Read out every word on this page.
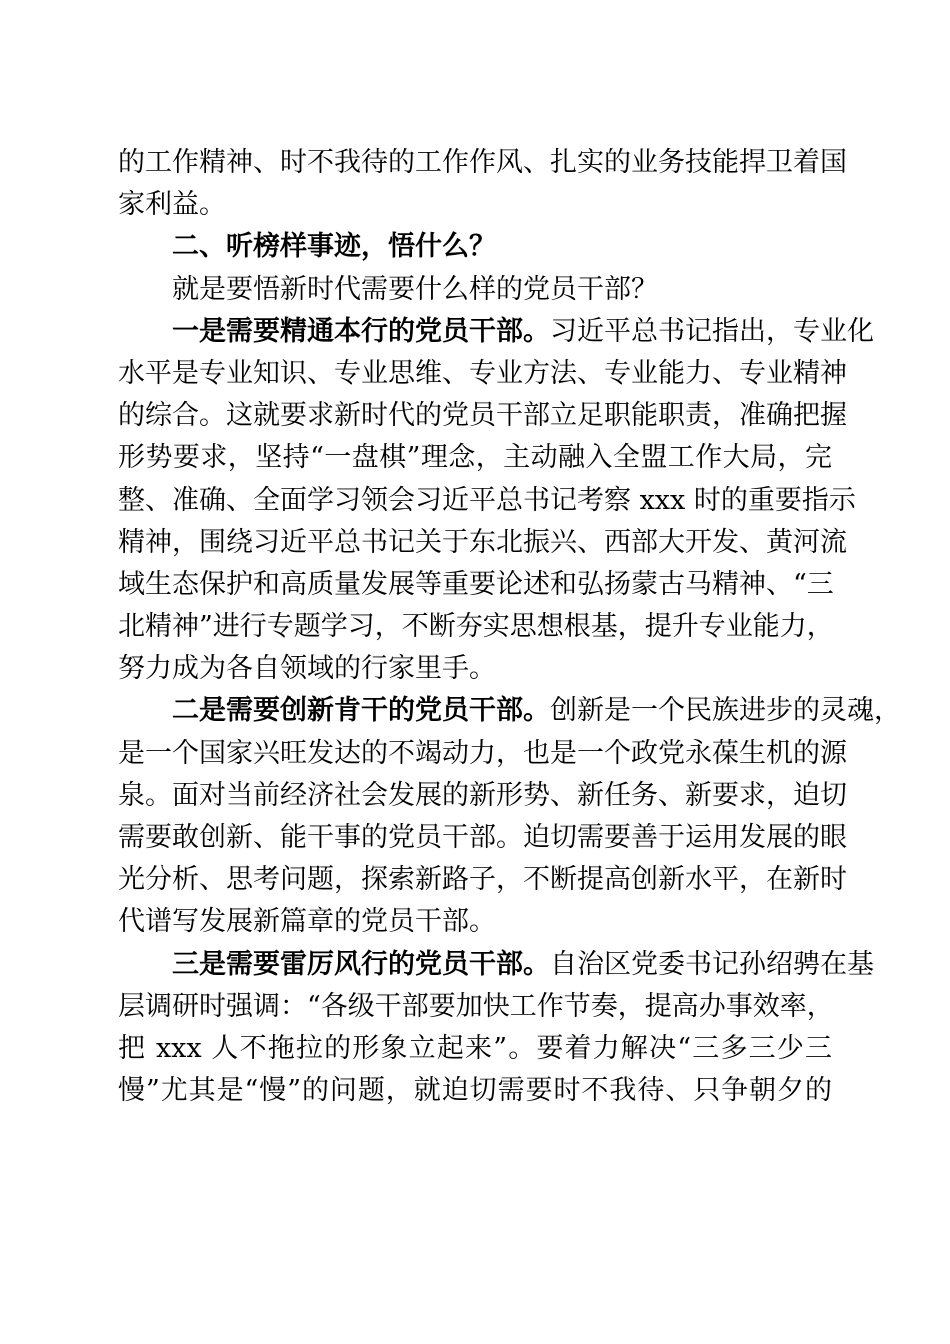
的工作精神、时不我待的工作作风、扎实的业务技能捍卫着国
家利益。
二、听榜样事迹，悟什么？
就是要悟新时代需要什么样的党员干部？
一是需要精通本行的党员干部。习近平总书记指出，专业化
水平是专业知识、专业思维、专业方法、专业能力、专业精神
的综合。这就要求新时代的党员干部立足职能职责，准确把握
形势要求，坚持“一盘棋”理念，主动融入全盟工作大局，完
整、准确、全面学习领会习近平总书记考察 xxx 时的重要指示
精神，围绕习近平总书记关于东北振兴、西部大开发、黄河流
域生态保护和高质量发展等重要论述和弘扬蒙古马精神、“三
北精神”进行专题学习，不断夯实思想根基，提升专业能力，
努力成为各自领域的行家里手。
二是需要创新肯干的党员干部。创新是一个民族进步的灵魂，
是一个国家兴旺发达的不竭动力，也是一个政党永葆生机的源
泉。面对当前经济社会发展的新形势、新任务、新要求，迫切
需要敢创新、能干事的党员干部。迫切需要善于运用发展的眼
光分析、思考问题，探索新路子，不断提高创新水平，在新时
代谱写发展新篇章的党员干部。
三是需要雷厉风行的党员干部。自治区党委书记孙绍骋在基
层调研时强调：“各级干部要加快工作节奏，提高办事效率，
把 xxx 人不拖拉的形象立起来”。要着力解决“三多三少三
慢”尤其是“慢”的问题，就迫切需要时不我待、只争朝夕的
